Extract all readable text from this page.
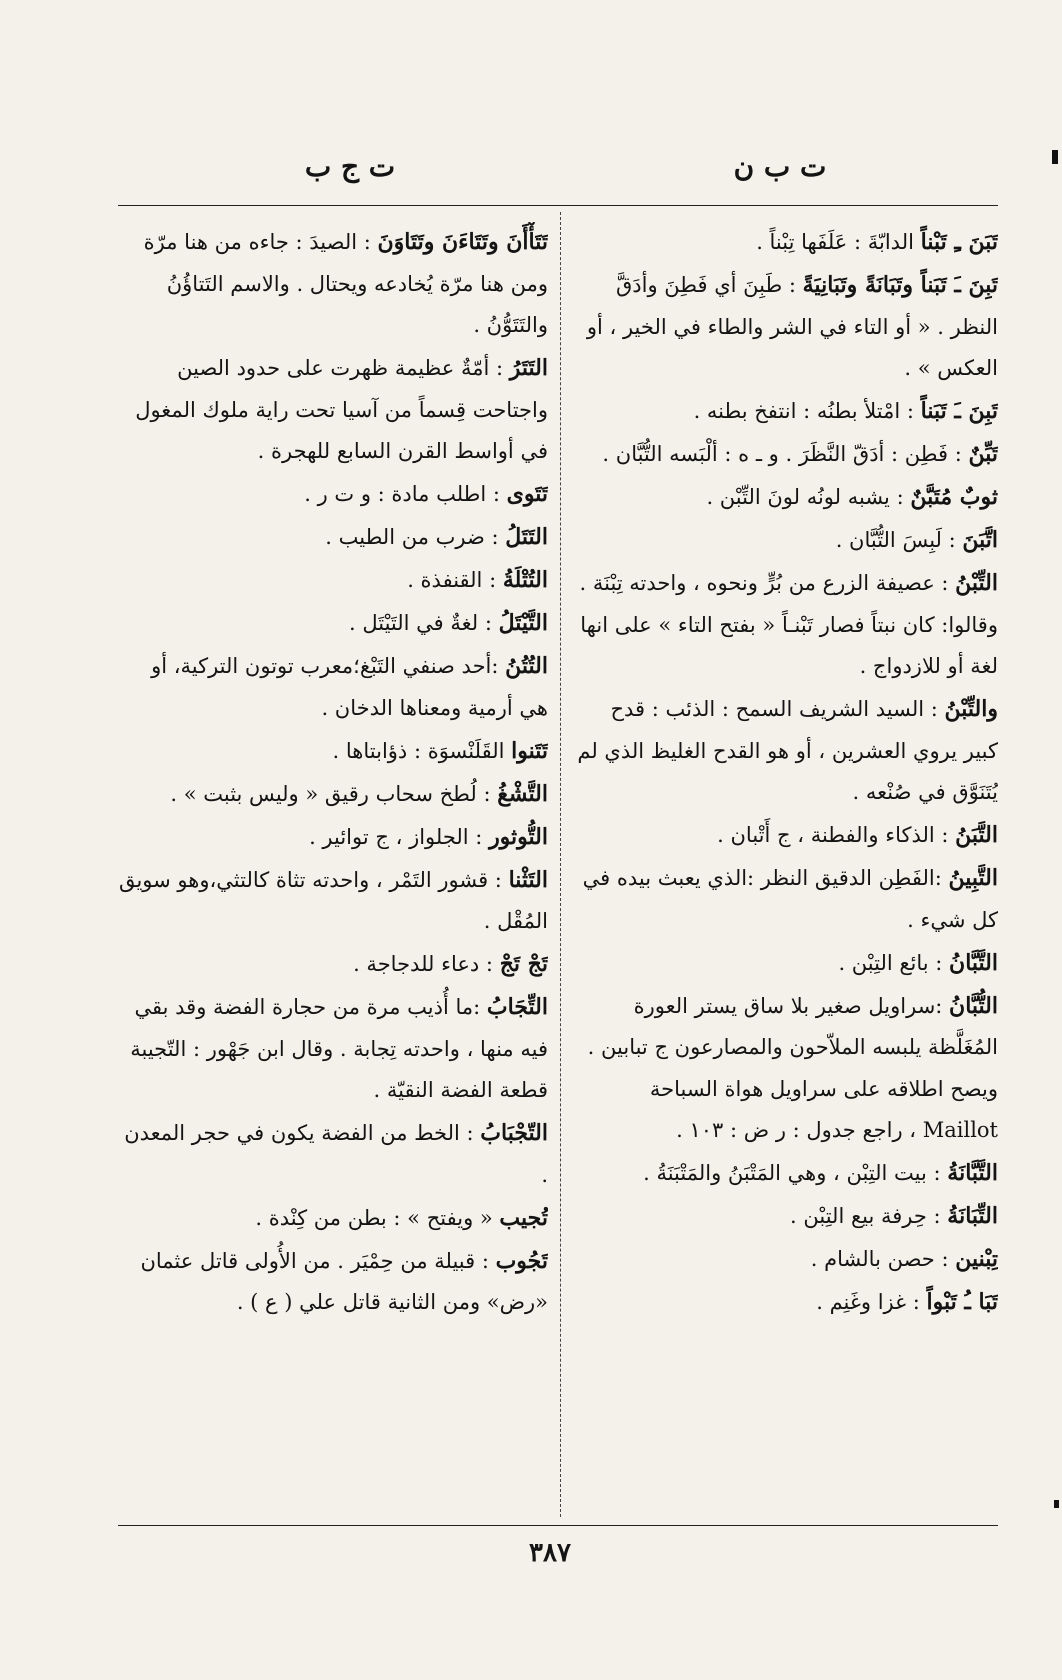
ت ب ن
ت ج ب

تَبَنَ ـِ تَبْناً الدابّةَ : عَلَفَها تِبْناً .

تَبِنَ ـَ تَبَناً وتَبَانَةً وتَبَانِيَةً : طَبِنَ أي فَطِنَ وأدَقَّ النظر . « أو التاء في الشر والطاء في الخير ، أو العكس » .

تَبِنَ ـَ تَبَناً : امْتلأ بطنُه : انتفخ بطنه .

تَبِّنٌ : فَطِن : أدَقّ النَّظَرَ . و ـ ه : ألْبَسه التُّبَّان .

ثوبٌ مُتَبَّنٌ : يشبه لونُه لونَ التِّبْن .

اتَّبَنَ : لَبِسَ التُّبَّان .

التِّبْنُ : عصيفة الزرع من بُرٍّ ونحوه ، واحدته تِبْنَة . وقالوا: كان نبتاً فصار تَبْنـاً « بفتح التاء » على انها لغة أو للازدواج .

والتِّبْنُ : السيد الشريف السمح : الذئب : قدح كبير يروي العشرين ، أو هو القدح الغليظ الذي لم يُتَنَوَّق في صُنْعه .

التَّبَنُ : الذكاء والفطنة ، ج أَتْبان .

التَّبِينُ :الفَطِن الدقيق النظر :الذي يعبث بيده في كل شيء .

التَّبَّانُ : بائع التِبْن .

التُّبَّانُ :سراويل صغير بلا ساق يستر العورة المُغَلَّظة يلبسه الملاّحون والمصارعون ج تبابين . ويصح اطلاقه على سراويل هواة السباحة Maillot ، راجع جدول : ر ض : ١٠٣ .

التَّبَّانَةُ : بيت التِبْن ، وهي المَتْبَنُ والمَتْبَنَةُ .

التِّبَانَةُ : حِرفة بيع التِبْن .

تِبْنين : حصن بالشام .

تَبَا ـُ تَبْواً : غزا وغَنِم .

تَتَأْأَنَ وتَتَاءَنَ وتَتَاوَنَ : الصيدَ : جاءه من هنا مرّة ومن هنا مرّة يُخادعه ويحتال . والاسم التَتاؤُنُ والتَتَوُّنُ .

التَتَرُ : أمّةٌ عظيمة ظهرت على حدود الصين واجتاحت قِسماً من آسيا تحت راية ملوك المغول في أواسط القرن السابع للهجرة .

تَتَوى : اطلب مادة : و ت ر .

التَتَلُ : ضرب من الطيب .

التُتْلَةُ : القنفذة .

التَّيْتَلُ : لغةٌ في التَيْتَل .

التُتُنُ :أحد صنفي التَبْغ؛معرب توتون التركية، أو هي أرمية ومعناها الدخان .

تَتَنوا القَلَنْسوَة : ذؤابتاها .

التَّشْغُ : لُطخ سحاب رقيق « وليس بثبت » .

التُّوثور : الجلواز ، ج توائير .

التَثْنا : قشور التَمْر ، واحدته تثاة كالتثي،وهو سويق المُقْل .

تَجْ تَجْ : دعاء للدجاجة .

التِّجَابُ :ما أُذيب مرة من حجارة الفضة وقد بقي فيه منها ، واحدته تِجابة . وقال ابن جَهْور : التّجيبة قطعة الفضة النقيّة .

التّجْبَابُ : الخط من الفضة يكون في حجر المعدن .

تُجيب « ويفتح » : بطن من كِنْدة .

تَجُوب : قبيلة من حِمْيَر . من الأُولى قاتل عثمان «رض» ومن الثانية قاتل علي ( ع ) .

٣٨٧
